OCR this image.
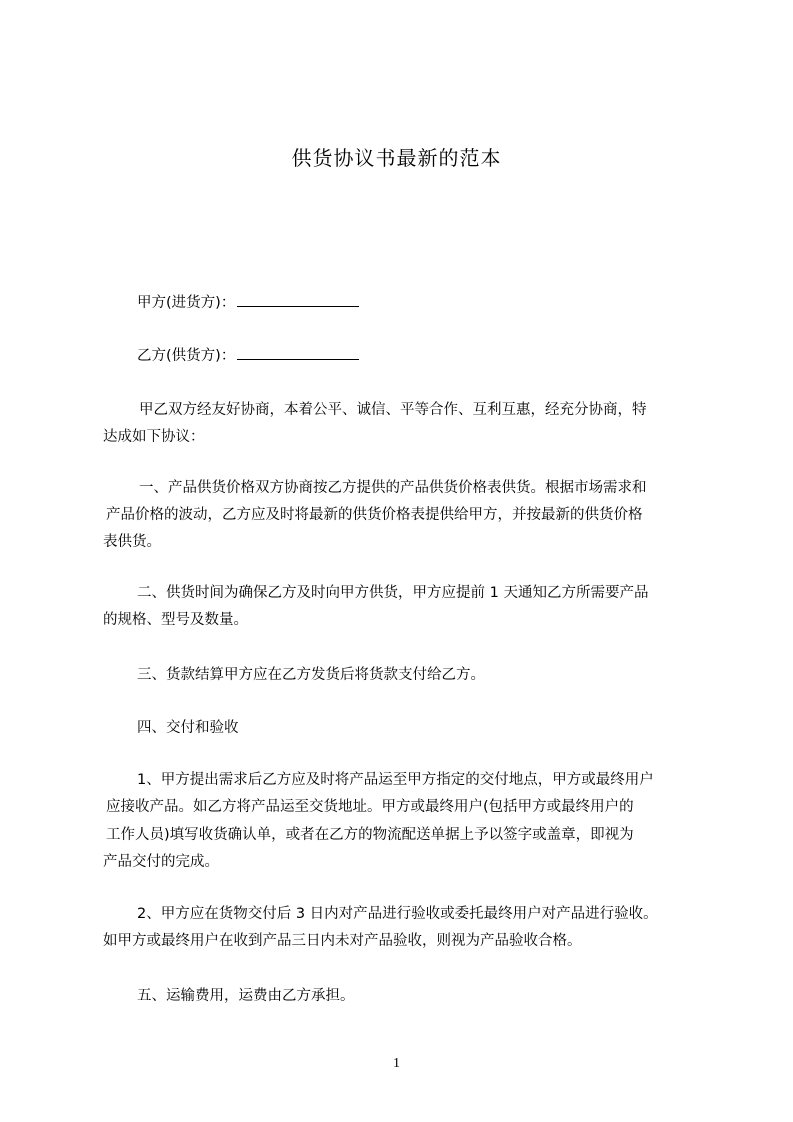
供货协议书最新的范本
甲方(进货方)：
乙方(供货方)：
甲乙双方经友好协商，本着公平、诚信、平等合作、互利互惠，经充分协商，特
达成如下协议：
一、产品供货价格双方协商按乙方提供的产品供货价格表供货。根据市场需求和
产品价格的波动，乙方应及时将最新的供货价格表提供给甲方，并按最新的供货价格
表供货。
二、供货时间为确保乙方及时向甲方供货，甲方应提前 1 天通知乙方所需要产品
的规格、型号及数量。
三、货款结算甲方应在乙方发货后将货款支付给乙方。
四、交付和验收
1、甲方提出需求后乙方应及时将产品运至甲方指定的交付地点，甲方或最终用户
应接收产品。如乙方将产品运至交货地址。甲方或最终用户(包括甲方或最终用户的
工作人员)填写收货确认单，或者在乙方的物流配送单据上予以签字或盖章，即视为
产品交付的完成。
2、甲方应在货物交付后 3 日内对产品进行验收或委托最终用户对产品进行验收。
如甲方或最终用户在收到产品三日内未对产品验收，则视为产品验收合格。
五、运输费用，运费由乙方承担。
1
